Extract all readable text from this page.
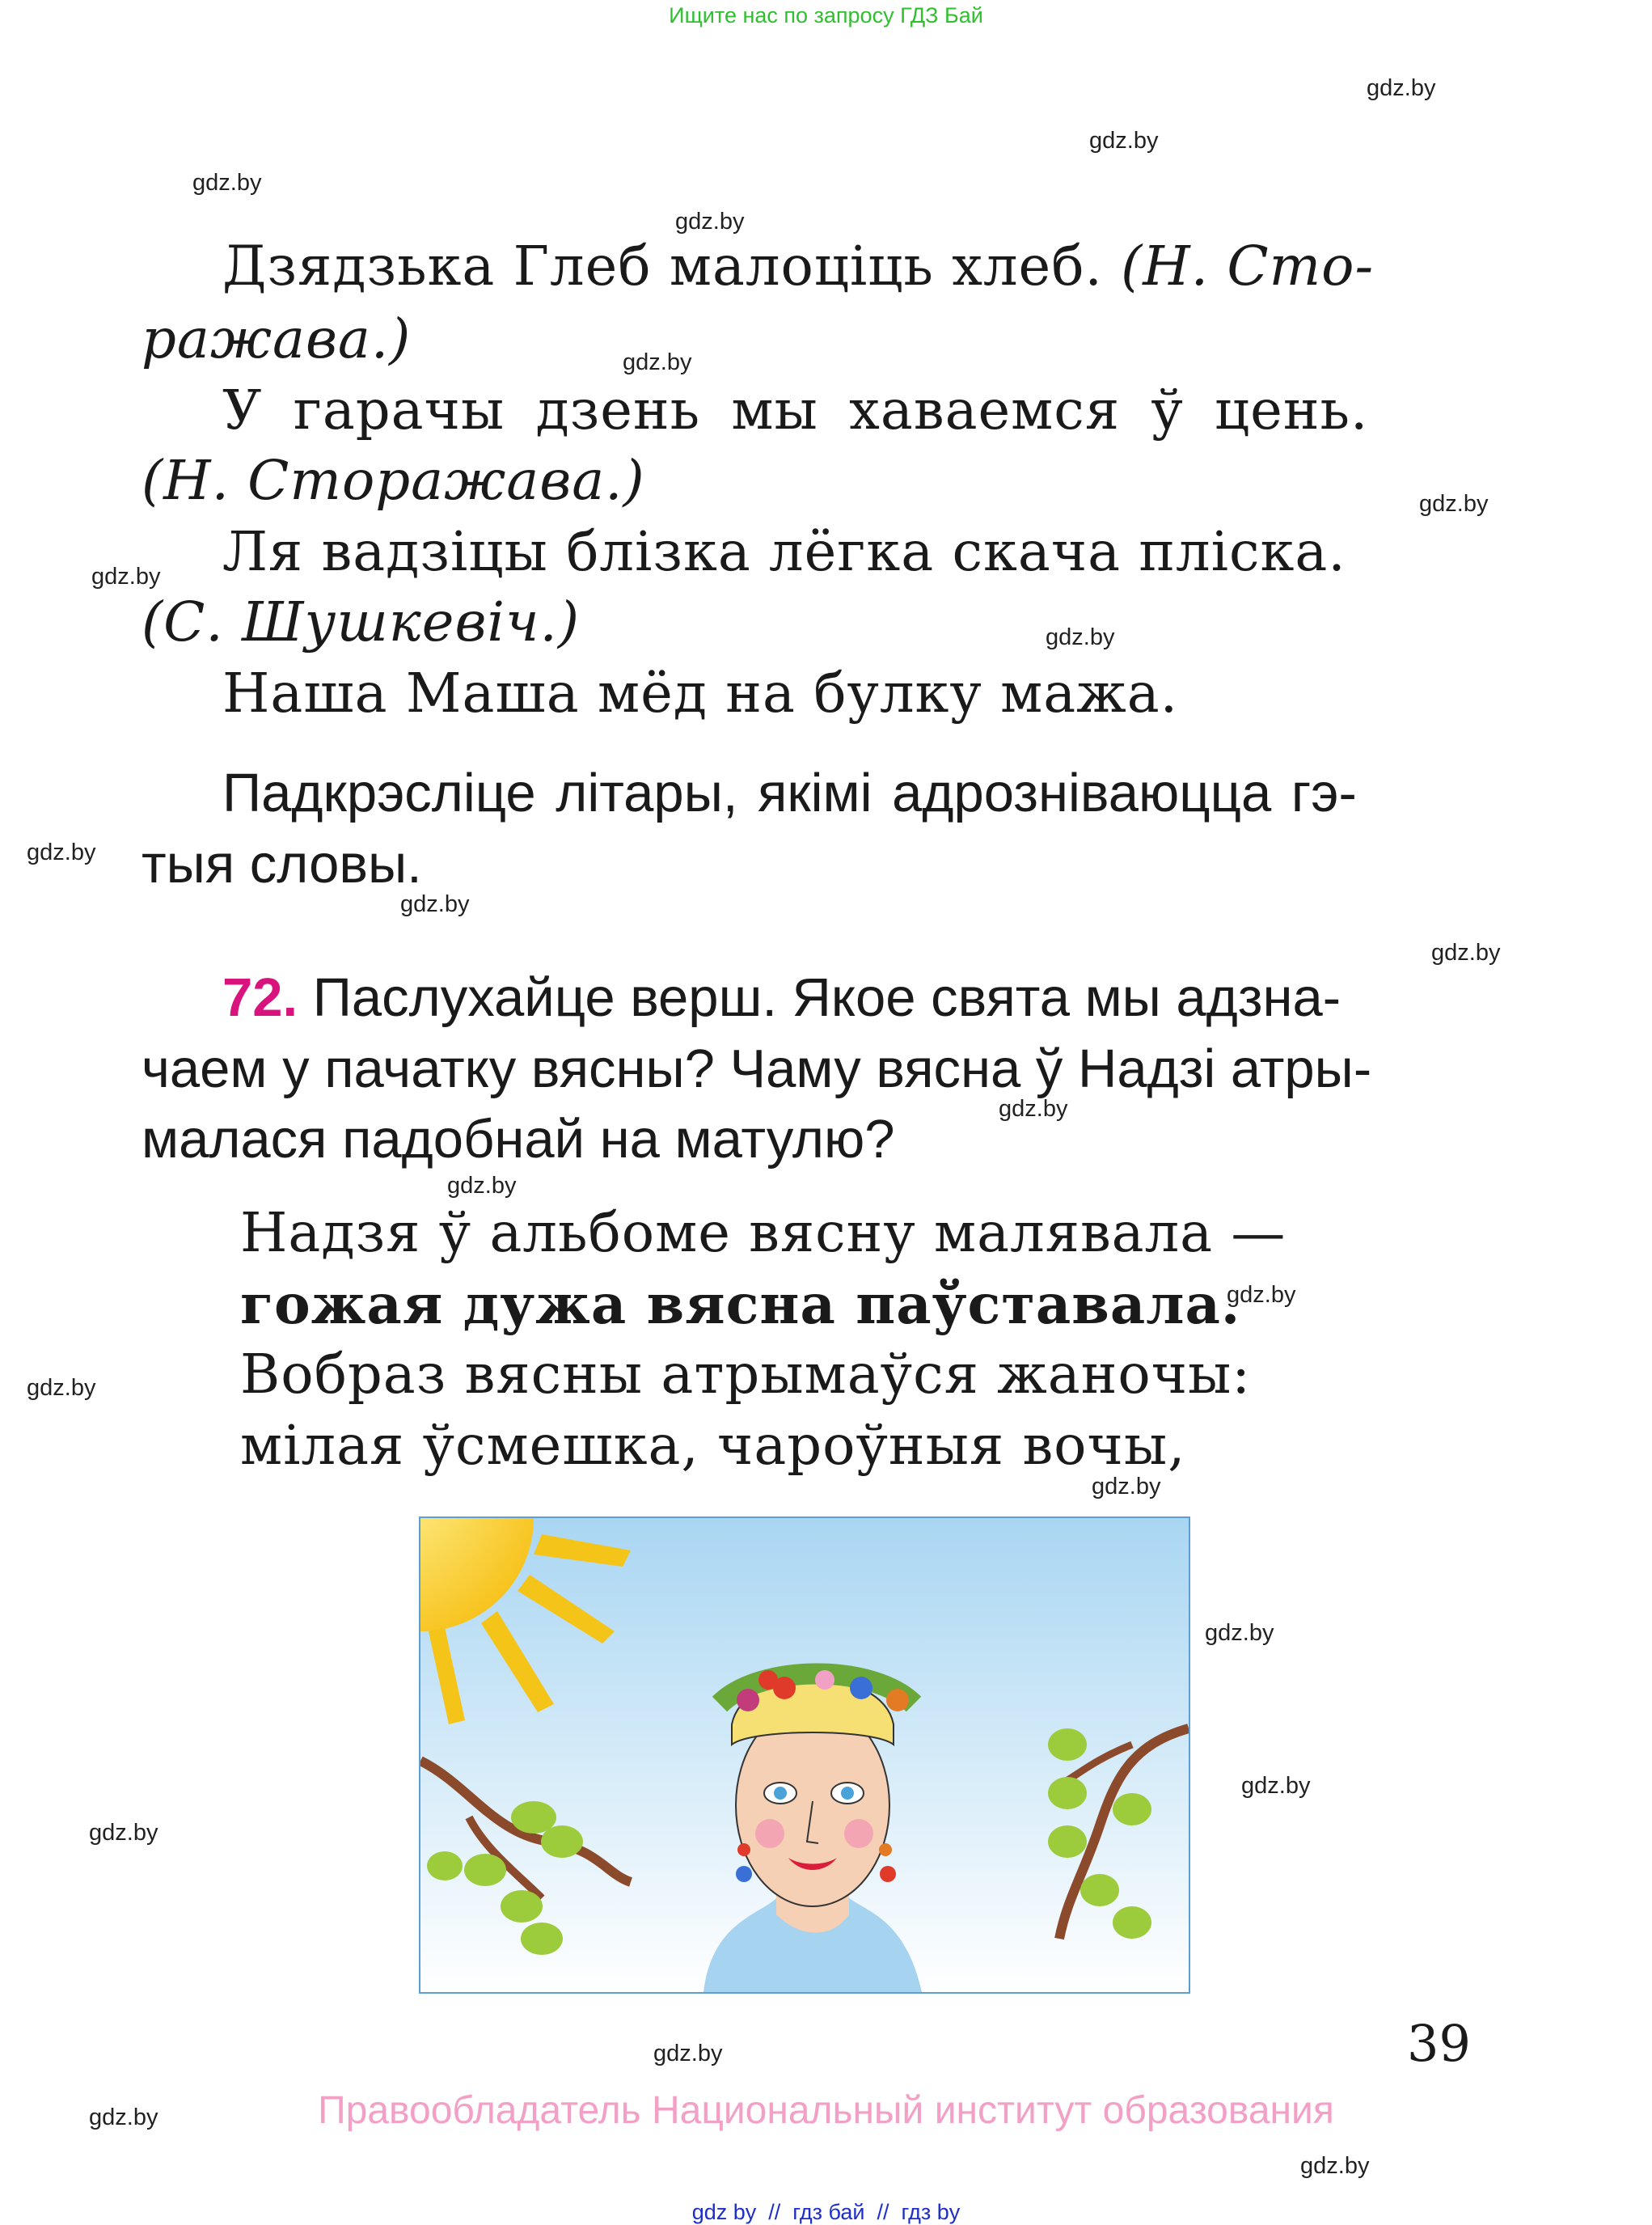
Ищите нас по запросу ГДЗ Бай
gdz.by
gdz.by
gdz.by
gdz.by
gdz.by
gdz.by
gdz.by
gdz.by
gdz.by
gdz.by
gdz.by
gdz.by
gdz.by
gdz.by
gdz.by
gdz.by
gdz.by
gdz.by
gdz.by
gdz.by
gdz.by
gdz.by
Дзядзька Глеб малоціць хлеб. (Н. Сто-
ражава.)
У гарачы дзень мы хаваемся ў цень.
(Н. Сторажава.)
Ля вадзіцы блізка лёгка скача пліска.
(С. Шушкевіч.)
Наша Маша мёд на булку мажа.
Падкрэсліце літары, якімі адрозніваюцца гэ-
тыя словы.
72. Паслухайце верш. Якое свята мы адзна-
чаем у пачатку вясны? Чаму вясна ў Надзі атры-
малася падобнай на матулю?
Надзя ў альбоме вясну малявала —
гожая дужа вясна паўставала.
Вобраз вясны атрымаўся жаночы:
мілая ўсмешка, чароўныя вочы,
39
Правообладатель Национальный институт образования
gdz by  //  гдз бай  //  гдз by
